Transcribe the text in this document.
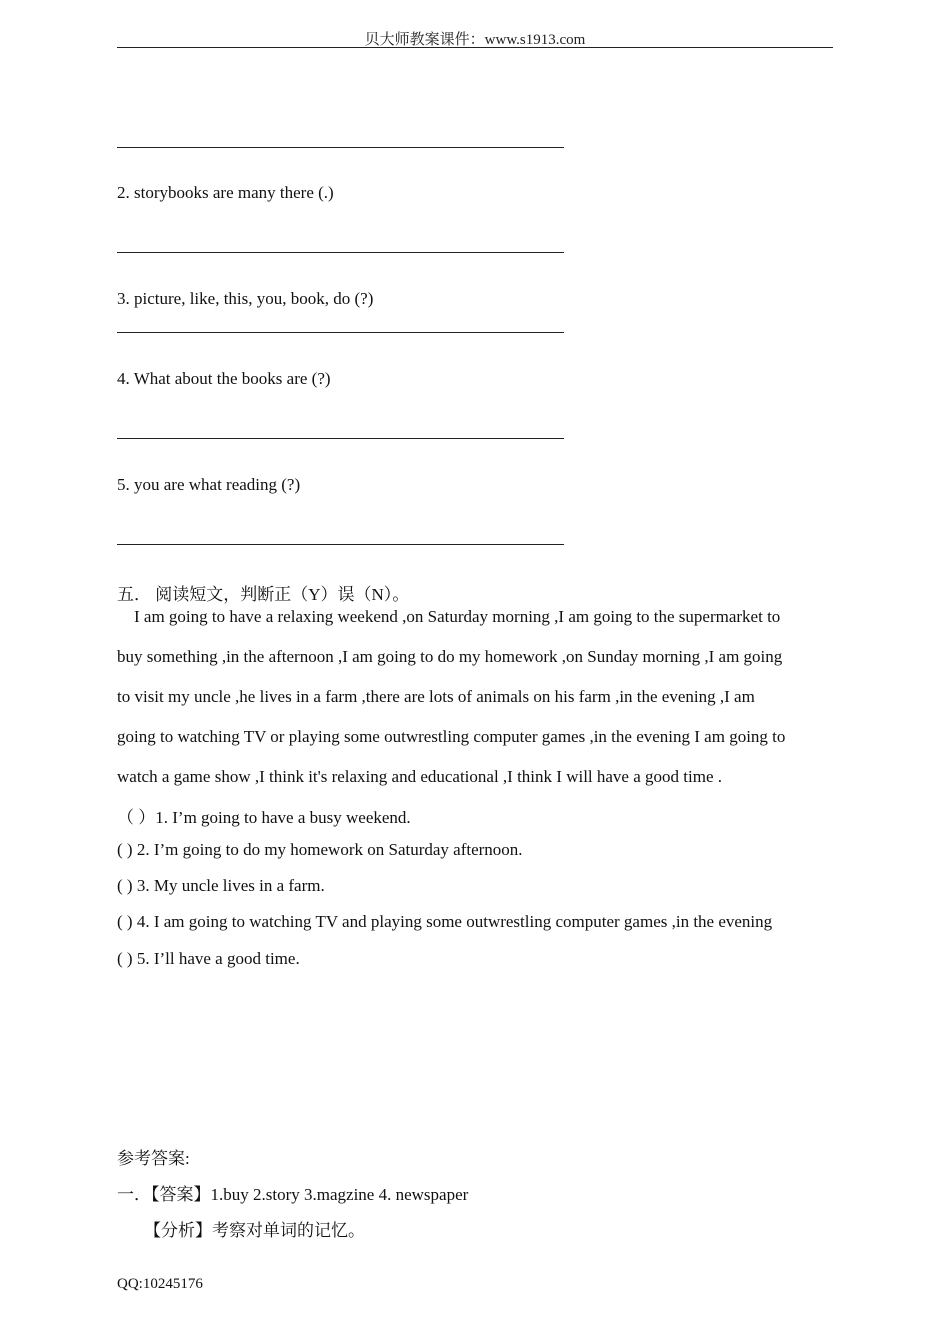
贝大师教案课件：www.s1913.com
2. storybooks are many there (.)
3. picture, like, this, you, book, do (?)
4. What about the books are (?)
5. you are what reading (?)
五． 阅读短文，判断正（Y）误（N）。

I am going to have a relaxing weekend ,on Saturday morning ,I am going to the supermarket to

buy something ,in the afternoon ,I am going to do my homework ,on Sunday morning ,I am going

to visit my uncle ,he lives in a farm ,there are lots of animals on his farm ,in the evening ,I am

going to watching TV or playing some outwrestling computer games ,in the evening I am going to

watch a game show ,I think it's relaxing and educational ,I think I will have a good time .

（ ）1. I’m going to have a busy weekend.
( ) 2. I’m going to do my homework on Saturday afternoon.
( ) 3. My uncle lives in a farm.
( ) 4. I am going to watching TV and playing some outwrestling computer games ,in the evening
( ) 5. I’ll have a good time.
参考答案:
一．【答案】1.buy 2.story 3.magzine 4. newspaper
【分析】考察对单词的记忆。
QQ:10245176
